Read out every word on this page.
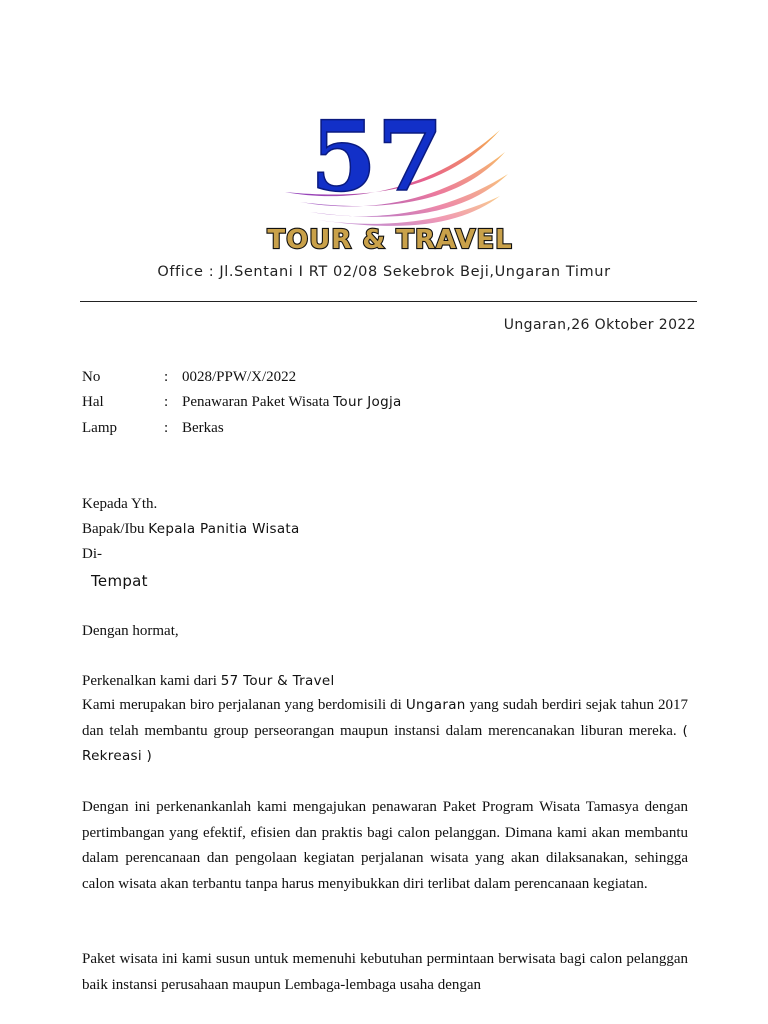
57
TOUR & TRAVEL
Office : Jl.Sentani I RT 02/08 Sekebrok Beji,Ungaran Timur
Ungaran,26 Oktober 2022
No	: 0028/PPW/X/2022
Hal	: Penawaran Paket Wisata Tour Jogja
Lamp	: Berkas
Kepada Yth.
Bapak/Ibu Kepala Panitia Wisata
Di-
Tempat
Dengan hormat,
Perkenalkan kami dari 57 Tour & Travel
Kami merupakan biro perjalanan yang berdomisili di Ungaran yang sudah berdiri sejak tahun 2017 dan telah membantu group perseorangan maupun instansi dalam merencanakan liburan mereka. ( Rekreasi )
Dengan ini perkenankanlah kami mengajukan penawaran Paket Program Wisata Tamasya dengan pertimbangan yang efektif, efisien dan praktis bagi calon pelanggan. Dimana kami akan membantu dalam perencanaan dan pengolaan kegiatan perjalanan wisata yang akan dilaksanakan, sehingga calon wisata akan terbantu tanpa harus menyibukkan diri terlibat dalam perencanaan kegiatan.
Paket wisata ini kami susun untuk memenuhi kebutuhan permintaan berwisata bagi calon pelanggan baik instansi perusahaan maupun Lembaga-lembaga usaha dengan
